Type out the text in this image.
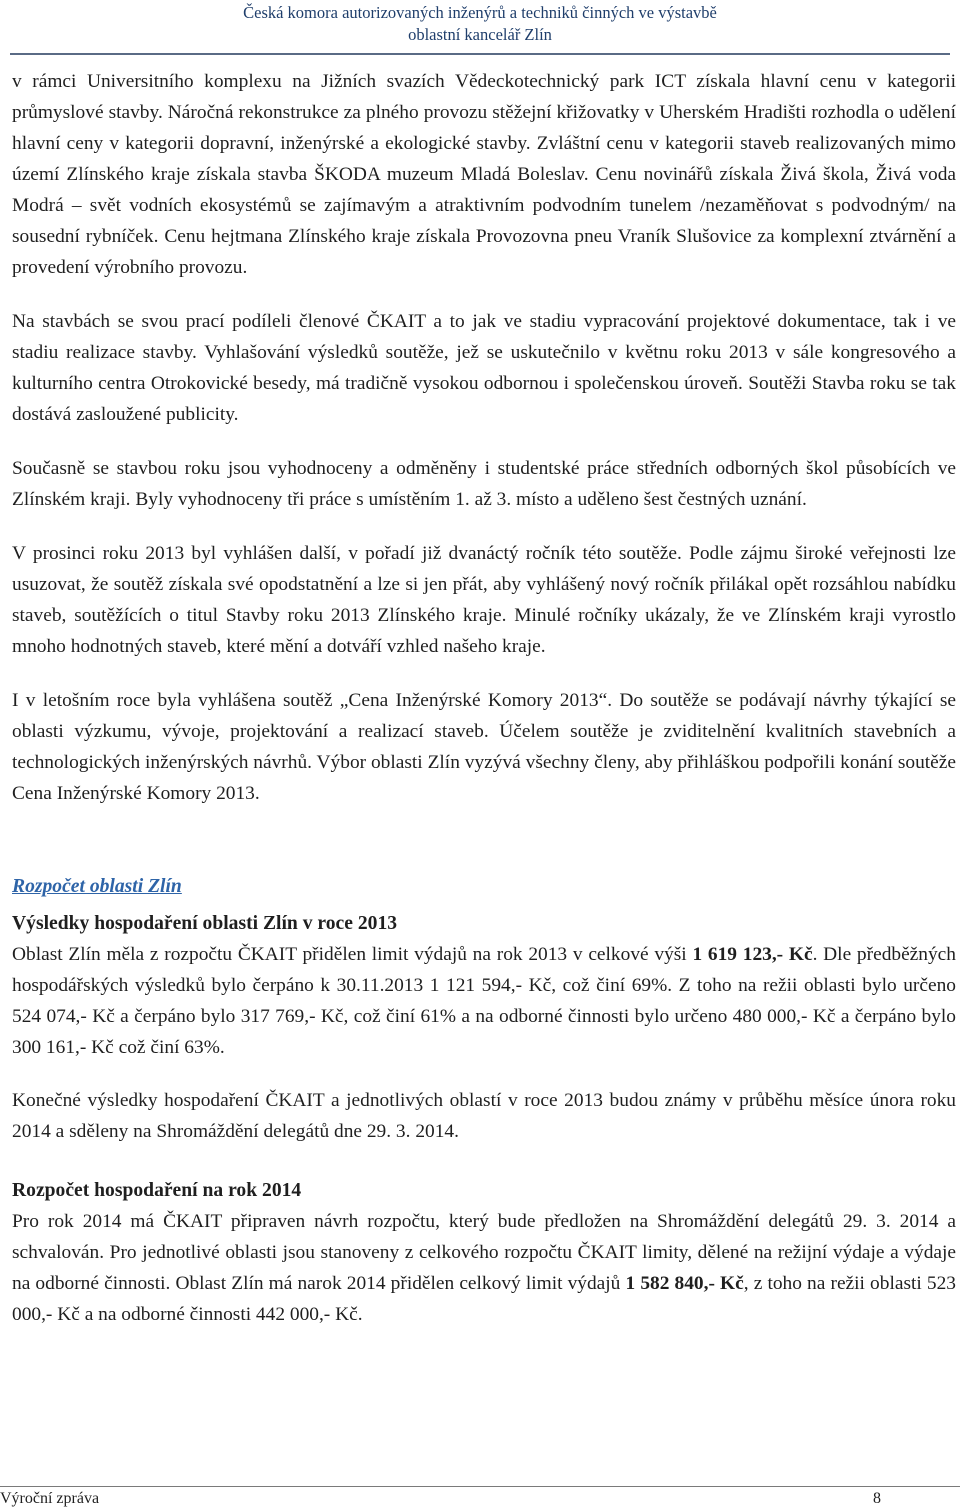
Česká komora autorizovaných inženýrů a techniků činných ve výstavbě
oblastní kancelář Zlín

v rámci Universitního komplexu na Jižních svazích Vědeckotechnický park ICT získala hlavní cenu v kategorii průmyslové stavby. Náročná rekonstrukce za plného provozu stěžejní křižovatky v Uherském Hradišti rozhodla o udělení hlavní ceny v kategorii dopravní, inženýrské a ekologické stavby. Zvláštní cenu v kategorii staveb realizovaných mimo území Zlínského kraje získala stavba ŠKODA muzeum Mladá Boleslav. Cenu novinářů získala Živá škola, Živá voda Modrá – svět vodních ekosystémů se zajímavým a atraktivním podvodním tunelem /nezaměňovat s podvodným/ na sousední rybníček. Cenu hejtmana Zlínského kraje získala Provozovna pneu Vraník Slušovice za komplexní ztvárnění a provedení výrobního provozu.

Na stavbách se svou prací podíleli členové ČKAIT a to jak ve stadiu vypracování projektové dokumentace, tak i ve stadiu realizace stavby. Vyhlašování výsledků soutěže, jež se uskutečnilo v květnu roku 2013 v sále kongresového a kulturního centra Otrokovické besedy, má tradičně vysokou odbornou i společenskou úroveň. Soutěži Stavba roku se tak dostává zasloužené publicity.

Současně se stavbou roku jsou vyhodnoceny a odměněny i studentské práce středních odborných škol působících ve Zlínském kraji. Byly vyhodnoceny tři práce s umístěním 1. až 3. místo a uděleno šest čestných uznání.

V prosinci roku 2013 byl vyhlášen další, v pořadí již dvanáctý ročník této soutěže. Podle zájmu široké veřejnosti lze usuzovat, že soutěž získala své opodstatnění a lze si jen přát, aby vyhlášený nový ročník přilákal opět rozsáhlou nabídku staveb, soutěžících o titul Stavby roku 2013 Zlínského kraje. Minulé ročníky ukázaly, že ve Zlínském kraji vyrostlo mnoho hodnotných staveb, které mění a dotváří vzhled našeho kraje.

I v letošním roce byla vyhlášena soutěž „Cena Inženýrské Komory 2013“. Do soutěže se podávají návrhy týkající se oblasti výzkumu, vývoje, projektování a realizací staveb. Účelem soutěže je zviditelnění kvalitních stavebních a technologických inženýrských návrhů. Výbor oblasti Zlín vyzývá všechny členy, aby přihláškou podpořili konání soutěže Cena Inženýrské Komory 2013.

Rozpočet oblasti Zlín
Výsledky hospodaření oblasti Zlín v roce 2013

Oblast Zlín měla z rozpočtu ČKAIT přidělen limit výdajů na rok 2013 v celkové výši 1 619 123,- Kč. Dle předběžných hospodářských výsledků bylo čerpáno k 30.11.2013 1 121 594,- Kč, což činí 69%. Z toho na režii oblasti bylo určeno 524 074,- Kč a čerpáno bylo 317 769,- Kč, což činí 61% a na odborné činnosti bylo určeno 480 000,- Kč a čerpáno bylo 300 161,- Kč což činí 63%.

Konečné výsledky hospodaření ČKAIT a jednotlivých oblastí v roce 2013 budou známy v průběhu měsíce února roku 2014 a sděleny na Shromáždění delegátů dne 29. 3. 2014.

Rozpočet hospodaření na rok 2014

Pro rok 2014 má ČKAIT připraven návrh rozpočtu, který bude předložen na Shromáždění delegátů 29. 3. 2014 a schvalován. Pro jednotlivé oblasti jsou stanoveny z celkového rozpočtu ČKAIT limity, dělené na režijní výdaje a výdaje na odborné činnosti. Oblast Zlín má narok 2014 přidělen celkový limit výdajů 1 582 840,- Kč, z toho na režii oblasti 523 000,- Kč a na odborné činnosti 442 000,- Kč.

Výroční zpráva	8
